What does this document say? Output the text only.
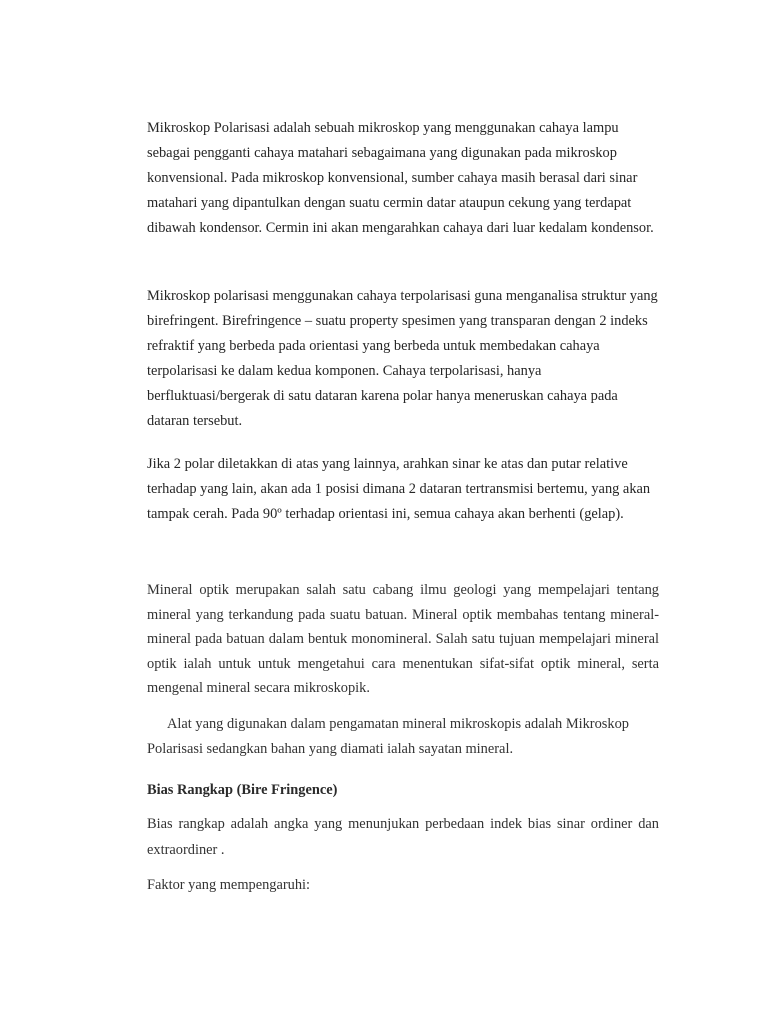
Mikroskop Polarisasi adalah sebuah mikroskop yang menggunakan cahaya lampu sebagai pengganti cahaya matahari sebagaimana yang digunakan pada mikroskop konvensional. Pada mikroskop konvensional, sumber cahaya masih berasal dari sinar matahari yang dipantulkan dengan suatu cermin datar ataupun cekung yang terdapat dibawah kondensor. Cermin ini akan mengarahkan cahaya dari luar kedalam kondensor.

Mikroskop polarisasi menggunakan cahaya terpolarisasi guna menganalisa struktur yang birefringent. Birefringence – suatu property spesimen yang transparan dengan 2 indeks refraktif yang berbeda pada orientasi yang berbeda untuk membedakan cahaya terpolarisasi ke dalam kedua komponen. Cahaya terpolarisasi, hanya berfluktuasi/bergerak di satu dataran karena polar hanya meneruskan cahaya pada dataran tersebut.

Jika 2 polar diletakkan di atas yang lainnya, arahkan sinar ke atas dan putar relative terhadap yang lain, akan ada 1 posisi dimana 2 dataran tertransmisi bertemu, yang akan tampak cerah. Pada 90º terhadap orientasi ini, semua cahaya akan berhenti (gelap).

Mineral optik merupakan salah satu cabang ilmu geologi yang mempelajari tentang mineral yang terkandung pada suatu batuan. Mineral optik membahas tentang mineral- mineral pada batuan dalam bentuk monomineral. Salah satu tujuan mempelajari mineral optik ialah untuk untuk mengetahui cara menentukan sifat-sifat optik mineral, serta mengenal mineral secara mikroskopik.

Alat yang digunakan dalam pengamatan mineral mikroskopis adalah Mikroskop Polarisasi sedangkan bahan yang diamati ialah sayatan mineral.

Bias Rangkap (Bire Fringence)

Bias rangkap adalah angka yang menunjukan perbedaan indek bias sinar ordiner dan extraordiner .

Faktor yang mempengaruhi:
